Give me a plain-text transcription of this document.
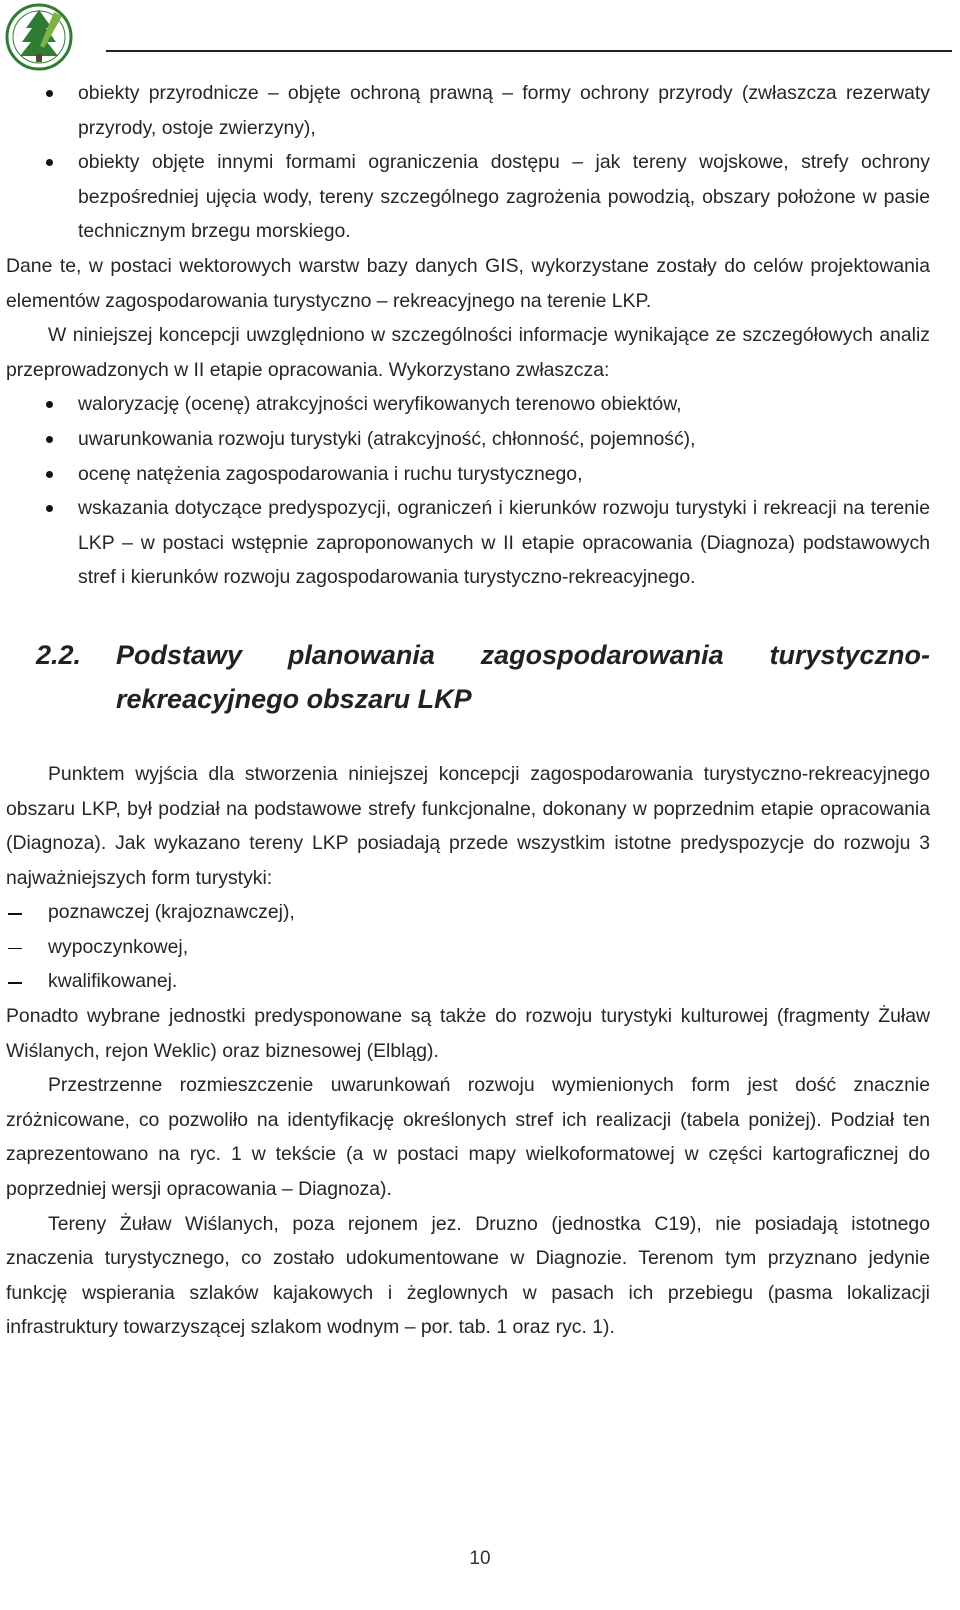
obiekty przyrodnicze – objęte ochroną prawną – formy ochrony przyrody (zwłaszcza rezerwaty przyrody, ostoje zwierzyny),
obiekty objęte innymi formami ograniczenia dostępu – jak tereny wojskowe, strefy ochrony bezpośredniej ujęcia wody, tereny szczególnego zagrożenia powodzią, obszary położone w pasie technicznym brzegu morskiego.

Dane te, w postaci wektorowych warstw bazy danych GIS, wykorzystane zostały do celów projektowania elementów zagospodarowania turystyczno – rekreacyjnego na terenie LKP.

W niniejszej koncepcji uwzględniono w szczególności informacje wynikające ze szczegółowych analiz przeprowadzonych w II etapie opracowania. Wykorzystano zwłaszcza:

waloryzację (ocenę) atrakcyjności weryfikowanych terenowo obiektów,
uwarunkowania rozwoju turystyki (atrakcyjność, chłonność, pojemność),
ocenę natężenia zagospodarowania i ruchu turystycznego,
wskazania dotyczące predyspozycji, ograniczeń i kierunków rozwoju turystyki i rekreacji na terenie LKP – w postaci wstępnie zaproponowanych w II etapie opracowania (Diagnoza) podstawowych stref i kierunków rozwoju zagospodarowania turystyczno-rekreacyjnego.
2.2.	Podstawy planowania zagospodarowania turystyczno-rekreacyjnego obszaru LKP

Punktem wyjścia dla stworzenia niniejszej koncepcji zagospodarowania turystyczno-rekreacyjnego obszaru LKP, był podział na podstawowe strefy funkcjonalne, dokonany w poprzednim etapie opracowania (Diagnoza). Jak wykazano tereny LKP posiadają przede wszystkim istotne predyspozycje do rozwoju 3 najważniejszych form turystyki:

poznawczej (krajoznawczej),
wypoczynkowej,
kwalifikowanej.

Ponadto wybrane jednostki predysponowane są także do rozwoju turystyki kulturowej (fragmenty Żuław Wiślanych, rejon Weklic) oraz biznesowej (Elbląg).

Przestrzenne rozmieszczenie uwarunkowań rozwoju wymienionych form jest dość znacznie zróżnicowane, co pozwoliło na identyfikację określonych stref ich realizacji (tabela poniżej). Podział ten zaprezentowano na ryc. 1 w tekście (a w postaci mapy wielkoformatowej w części kartograficznej do poprzedniej wersji opracowania – Diagnoza).

Tereny Żuław Wiślanych, poza rejonem jez. Druzno (jednostka C19), nie posiadają istotnego znaczenia turystycznego, co zostało udokumentowane w Diagnozie. Terenom tym przyznano jedynie funkcję wspierania szlaków kajakowych i żeglownych w pasach ich przebiegu (pasma lokalizacji infrastruktury towarzyszącej szlakom wodnym – por. tab. 1 oraz ryc. 1).

10
